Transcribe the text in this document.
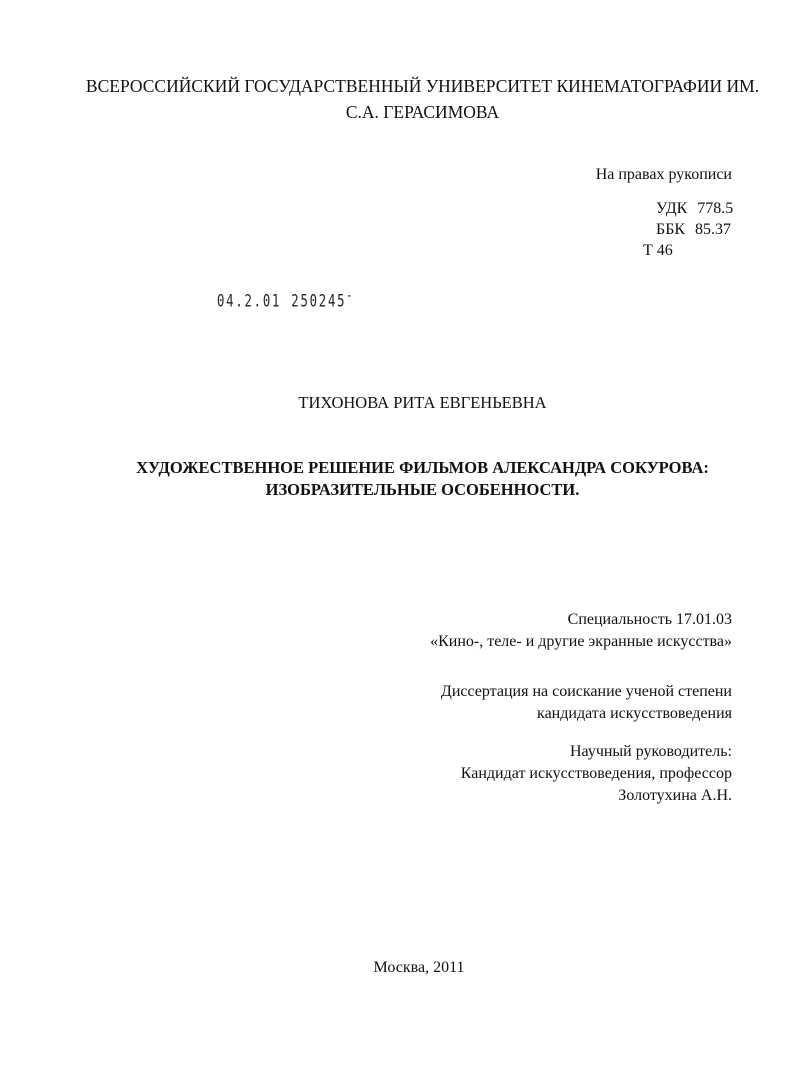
ВСЕРОССИЙСКИЙ ГОСУДАРСТВЕННЫЙ УНИВЕРСИТЕТ КИНЕМАТОГРАФИИ ИМ.
С.А. ГЕРАСИМОВА
На правах рукописи
УДК 778.5
ББК 85.37
Т 46
04.2.01 250245-
ТИХОНОВА РИТА ЕВГЕНЬЕВНА
ХУДОЖЕСТВЕННОЕ РЕШЕНИЕ ФИЛЬМОВ АЛЕКСАНДРА СОКУРОВА:
ИЗОБРАЗИТЕЛЬНЫЕ ОСОБЕННОСТИ.
Специальность 17.01.03
«Кино-, теле- и другие экранные искусства»
Диссертация на соискание ученой степени
кандидата искусствоведения
Научный руководитель:
Кандидат искусствоведения, профессор
Золотухина А.Н.
Москва, 2011
